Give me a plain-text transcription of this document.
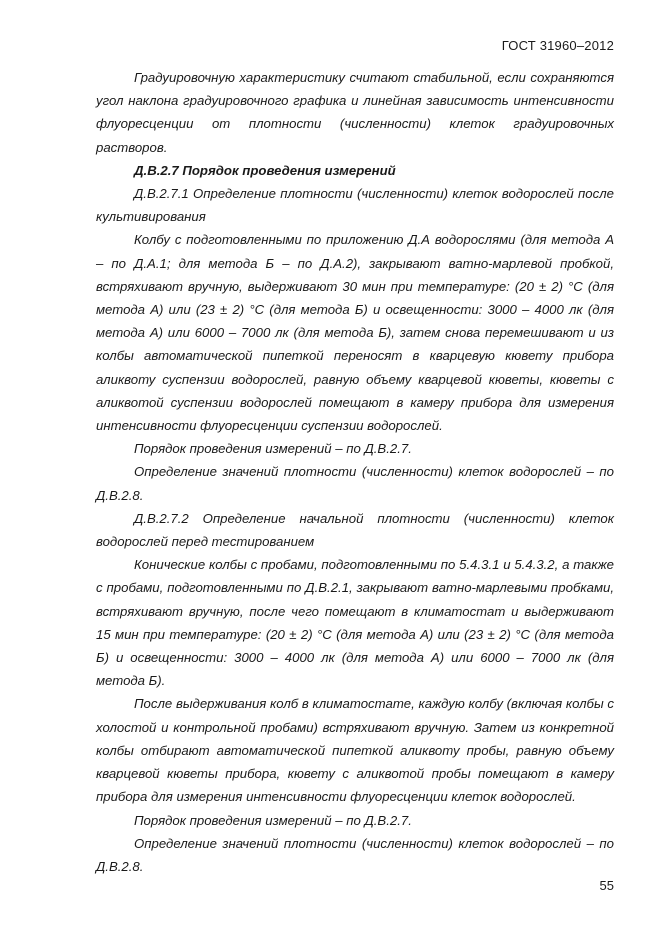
ГОСТ 31960–2012

Градуировочную характеристику считают стабильной, если сохраняются угол наклона градуировочного графика и линейная зависимость интенсивности флуоресценции от плотности (численности) клеток градуировочных растворов.

Д.В.2.7 Порядок проведения измерений

Д.В.2.7.1 Определение плотности (численности) клеток водорослей после культивирования

Колбу с подготовленными по приложению Д.А водорослями (для метода А – по Д.А.1; для метода Б – по Д.А.2), закрывают ватно-марлевой пробкой, встряхивают вручную, выдерживают 30 мин при температуре: (20 ± 2) °С (для метода А) или (23 ± 2) °С (для метода Б) и освещенности: 3000 – 4000 лк (для метода А) или 6000 – 7000 лк (для метода Б), затем снова перемешивают и из колбы автоматической пипеткой переносят в кварцевую кювету прибора аликвоту суспензии водорослей, равную объему кварцевой кюветы, кюветы с аликвотой суспензии водорослей помещают в камеру прибора для измерения интенсивности флуоресценции суспензии водорослей.

Порядок проведения измерений – по Д.В.2.7.

Определение значений плотности (численности) клеток водорослей – по Д.В.2.8.

Д.В.2.7.2 Определение начальной плотности (численности) клеток водорослей перед тестированием

Конические колбы с пробами, подготовленными по 5.4.3.1 и 5.4.3.2, а также с пробами, подготовленными по Д.В.2.1, закрывают ватно-марлевыми пробками, встряхивают вручную, после чего помещают в климатостат и выдерживают 15 мин при температуре: (20 ± 2) °С (для метода А) или (23 ± 2) °С (для метода Б) и освещенности: 3000 – 4000 лк (для метода А) или 6000 – 7000 лк (для метода Б).

После выдерживания колб в климатостате, каждую колбу (включая колбы с холостой и контрольной пробами) встряхивают вручную. Затем из конкретной колбы отбирают автоматической пипеткой аликвоту пробы, равную объему кварцевой кюветы прибора, кювету с аликвотой пробы помещают в камеру прибора для измерения интенсивности флуоресценции клеток водорослей.

Порядок проведения измерений – по Д.В.2.7.

Определение значений плотности (численности) клеток водорослей – по Д.В.2.8.

55
